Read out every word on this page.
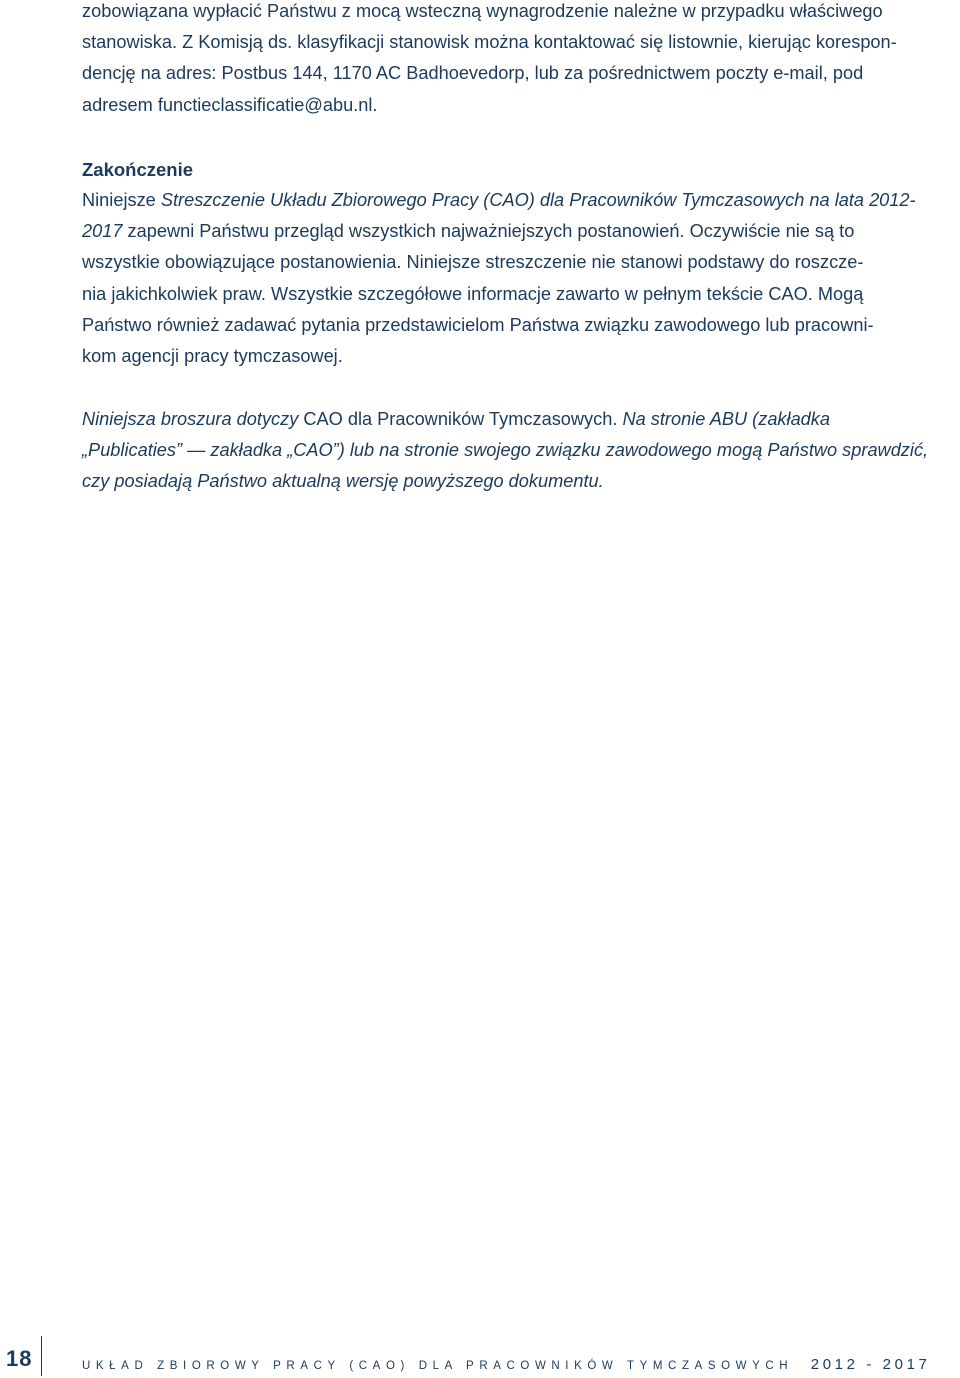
zobowiązana wypłacić Państwu z mocą wsteczną wynagrodzenie należne w przypadku właściwego
stanowiska. Z Komisją ds. klasyfikacji stanowisk można kontaktować się listownie, kierując korespon-
dencję na adres: Postbus 144, 1170 AC Badhoevedorp, lub za pośrednictwem poczty e-mail, pod
adresem functieclassificatie@abu.nl.

Zakończenie

Niniejsze Streszczenie Układu Zbiorowego Pracy (CAO) dla Pracowników Tymczasowych na lata 2012-
2017 zapewni Państwu przegląd wszystkich najważniejszych postanowień. Oczywiście nie są to
wszystkie obowiązujące postanowienia. Niniejsze streszczenie nie stanowi podstawy do roszcze-
nia jakichkolwiek praw. Wszystkie szczegółowe informacje zawarto w pełnym tekście CAO. Mogą
Państwo również zadawać pytania przedstawicielom Państwa związku zawodowego lub pracowni-
kom agencji pracy tymczasowej.

Niniejsza broszura dotyczy CAO dla Pracowników Tymczasowych. Na stronie ABU (zakładka
„Publicaties” — zakładka „CAO”) lub na stronie swojego związku zawodowego mogą Państwo sprawdzić,
czy posiadają Państwo aktualną wersję powyższego dokumentu.

18	UKŁAD ZBIOROWY PRACY (CAO) DLA PRACOWNIKÓW TYMCZASOWYCH 2012 - 2017
